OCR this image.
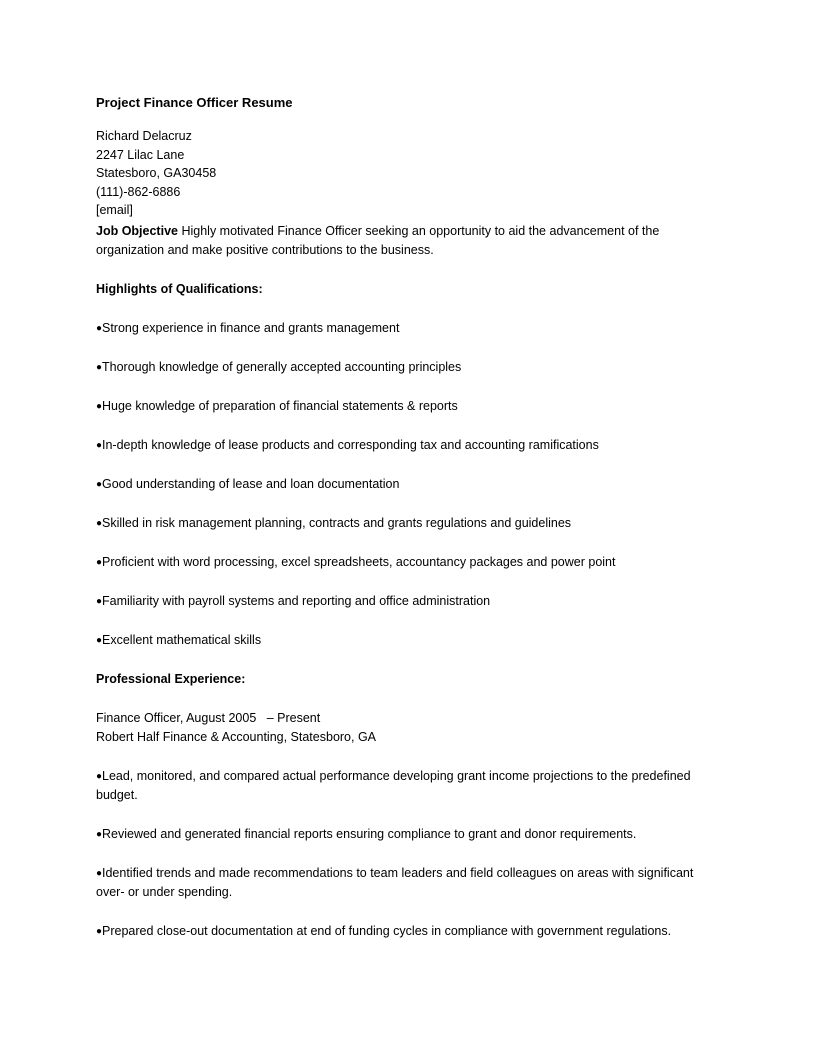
Project Finance Officer Resume
Richard Delacruz
2247 Lilac Lane
Statesboro, GA30458
(111)-862-6886
[email]
Job Objective Highly motivated Finance Officer seeking an opportunity to aid the advancement of the organization and make positive contributions to the business.
Highlights of Qualifications:
●Strong experience in finance and grants management
●Thorough knowledge of generally accepted accounting principles
●Huge knowledge of preparation of financial statements & reports
●In-depth knowledge of lease products and corresponding tax and accounting ramifications
●Good understanding of lease and loan documentation
●Skilled in risk management planning, contracts and grants regulations and guidelines
●Proficient with word processing, excel spreadsheets, accountancy packages and power point
●Familiarity with payroll systems and reporting and office administration
●Excellent mathematical skills
Professional Experience:
Finance Officer, August 2005   – Present
Robert Half Finance & Accounting, Statesboro, GA
●Lead, monitored, and compared actual performance developing grant income projections to the predefined budget.
●Reviewed and generated financial reports ensuring compliance to grant and donor requirements.
●Identified trends and made recommendations to team leaders and field colleagues on areas with significant over- or under spending.
●Prepared close-out documentation at end of funding cycles in compliance with government regulations.
